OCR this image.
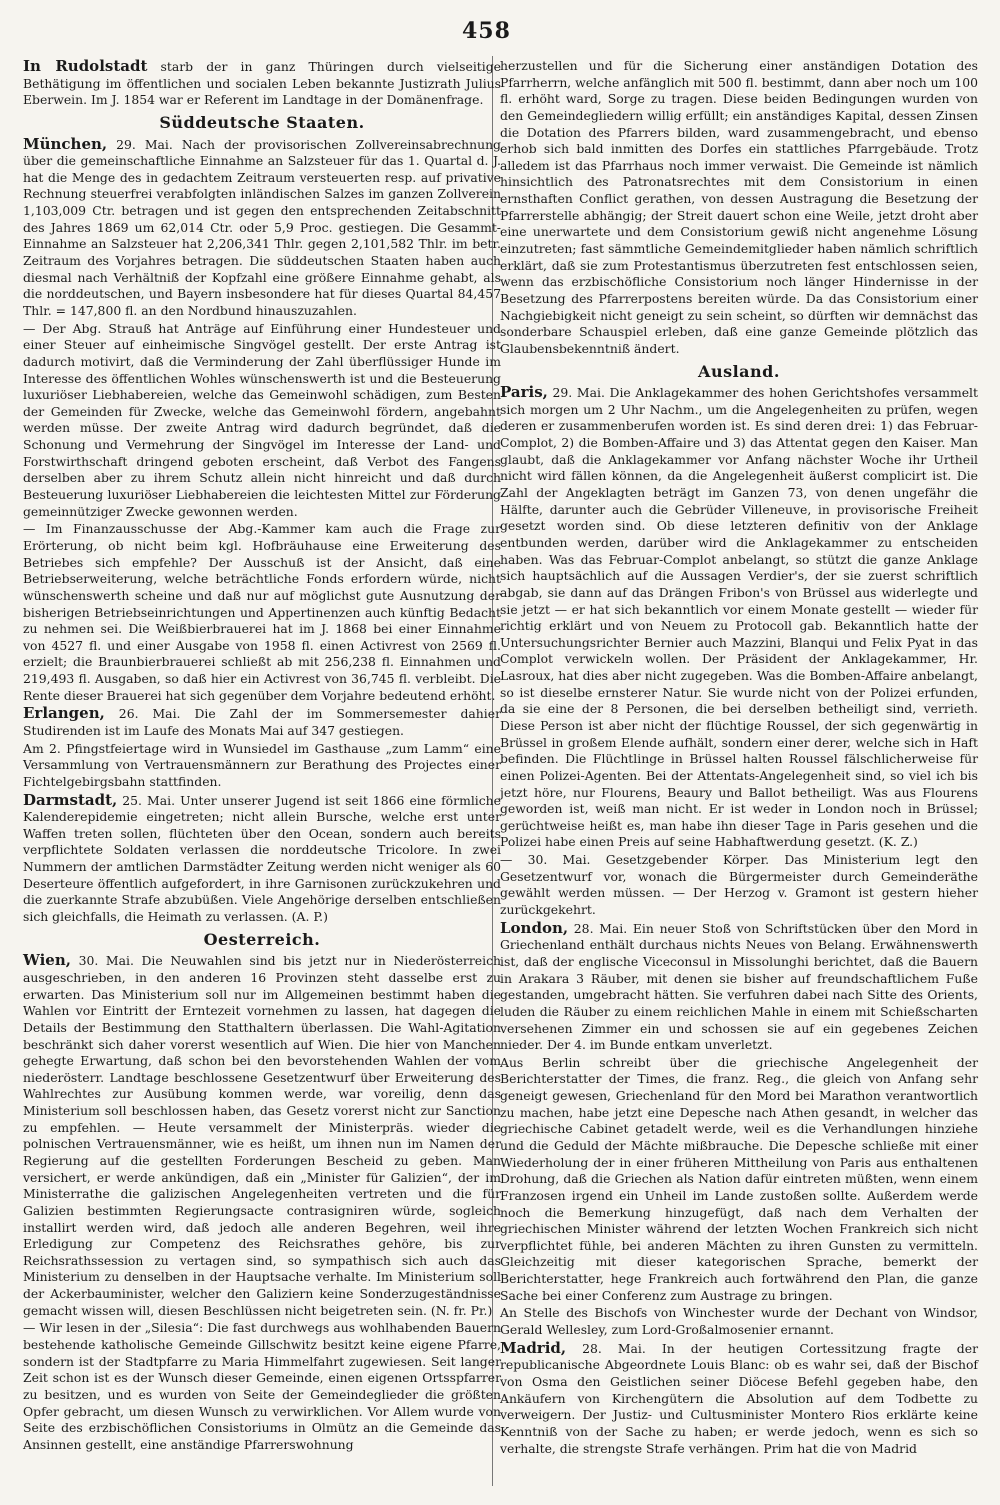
458

In Rudolstadt starb der in ganz Thüringen durch vielseitige Bethätigung im öffentlichen und socialen Leben bekannte Justizrath Julius Eberwein. Im J. 1854 war er Referent im Landtage in der Domänenfrage.

Süddeutsche Staaten.

München, 29. Mai. Nach der provisorischen Zollvereinsabrechnung über die gemeinschaftliche Einnahme an Salzsteuer für das 1. Quartal d. J. hat die Menge des in gedachtem Zeitraum versteuerten resp. auf privative Rechnung steuerfrei verabfolgten inländischen Salzes im ganzen Zollverein 1,103,009 Ctr. betragen und ist gegen den entsprechenden Zeitabschnitt des Jahres 1869 um 62,014 Ctr. oder 5,9 Proc. gestiegen. Die Gesammt-Einnahme an Salzsteuer hat 2,206,341 Thlr. gegen 2,101,582 Thlr. im betr. Zeitraum des Vorjahres betragen. Die süddeutschen Staaten haben auch diesmal nach Verhältniß der Kopfzahl eine größere Einnahme gehabt, als die norddeutschen, und Bayern insbesondere hat für dieses Quartal 84,457 Thlr. = 147,800 fl. an den Nordbund hinauszuzahlen.

— Der Abg. Strauß hat Anträge auf Einführung einer Hundesteuer und einer Steuer auf einheimische Singvögel gestellt. Der erste Antrag ist dadurch motivirt, daß die Verminderung der Zahl überflüssiger Hunde im Interesse des öffentlichen Wohles wünschenswerth ist und die Besteuerung luxuriöser Liebhabereien, welche das Gemeinwohl schädigen, zum Besten der Gemeinden für Zwecke, welche das Gemeinwohl fördern, angebahnt werden müsse. Der zweite Antrag wird dadurch begründet, daß die Schonung und Vermehrung der Singvögel im Interesse der Land- und Forstwirthschaft dringend geboten erscheint, daß Verbot des Fangens derselben aber zu ihrem Schutz allein nicht hinreicht und daß durch Besteuerung luxuriöser Liebhabereien die leichtesten Mittel zur Förderung gemeinnütziger Zwecke gewonnen werden.

— Im Finanzausschusse der Abg.-Kammer kam auch die Frage zur Erörterung, ob nicht beim kgl. Hofbräuhause eine Erweiterung des Betriebes sich empfehle? Der Ausschuß ist der Ansicht, daß eine Betriebserweiterung, welche beträchtliche Fonds erfordern würde, nicht wünschenswerth scheine und daß nur auf möglichst gute Ausnutzung der bisherigen Betriebseinrichtungen und Appertinenzen auch künftig Bedacht zu nehmen sei. Die Weißbierbrauerei hat im J. 1868 bei einer Einnahme von 4527 fl. und einer Ausgabe von 1958 fl. einen Activrest von 2569 fl. erzielt; die Braunbierbrauerei schließt ab mit 256,238 fl. Einnahmen und 219,493 fl. Ausgaben, so daß hier ein Activrest von 36,745 fl. verbleibt. Die Rente dieser Brauerei hat sich gegenüber dem Vorjahre bedeutend erhöht.

Erlangen, 26. Mai. Die Zahl der im Sommersemester dahier Studirenden ist im Laufe des Monats Mai auf 347 gestiegen.

Am 2. Pfingstfeiertage wird in Wunsiedel im Gasthause „zum Lamm“ eine Versammlung von Vertrauensmännern zur Berathung des Projectes einer Fichtelgebirgsbahn stattfinden.

Darmstadt, 25. Mai. Unter unserer Jugend ist seit 1866 eine förmliche Kalenderepidemie eingetreten; nicht allein Bursche, welche erst unter Waffen treten sollen, flüchteten über den Ocean, sondern auch bereits verpflichtete Soldaten verlassen die norddeutsche Tricolore. In zwei Nummern der amtlichen Darmstädter Zeitung werden nicht weniger als 60 Deserteure öffentlich aufgefordert, in ihre Garnisonen zurückzukehren und die zuerkannte Strafe abzubüßen. Viele Angehörige derselben entschließen sich gleichfalls, die Heimath zu verlassen. (A. P.)

Oesterreich.

Wien, 30. Mai. Die Neuwahlen sind bis jetzt nur in Niederösterreich ausgeschrieben, in den anderen 16 Provinzen steht dasselbe erst zu erwarten. Das Ministerium soll nur im Allgemeinen bestimmt haben die Wahlen vor Eintritt der Erntezeit vornehmen zu lassen, hat dagegen die Details der Bestimmung den Statthaltern überlassen. Die Wahl-Agitation beschränkt sich daher vorerst wesentlich auf Wien. Die hier von Manchen gehegte Erwartung, daß schon bei den bevorstehenden Wahlen der vom niederösterr. Landtage beschlossene Gesetzentwurf über Erweiterung des Wahlrechtes zur Ausübung kommen werde, war voreilig, denn das Ministerium soll beschlossen haben, das Gesetz vorerst nicht zur Sanction zu empfehlen. — Heute versammelt der Ministerpräs. wieder die polnischen Vertrauensmänner, wie es heißt, um ihnen nun im Namen der Regierung auf die gestellten Forderungen Bescheid zu geben. Man versichert, er werde ankündigen, daß ein „Minister für Galizien“, der im Ministerrathe die galizischen Angelegenheiten vertreten und die für Galizien bestimmten Regierungsacte contrasigniren würde, sogleich installirt werden wird, daß jedoch alle anderen Begehren, weil ihre Erledigung zur Competenz des Reichsrathes gehöre, bis zur Reichsrathssession zu vertagen sind, so sympathisch sich auch das Ministerium zu denselben in der Hauptsache verhalte. Im Ministerium soll der Ackerbauminister, welcher den Galiziern keine Sonderzugeständnisse gemacht wissen will, diesen Beschlüssen nicht beigetreten sein. (N. fr. Pr.)

— Wir lesen in der „Silesia“: Die fast durchwegs aus wohlhabenden Bauern bestehende katholische Gemeinde Gillschwitz besitzt keine eigene Pfarre, sondern ist der Stadtpfarre zu Maria Himmelfahrt zugewiesen. Seit langer Zeit schon ist es der Wunsch dieser Gemeinde, einen eigenen Ortsspfarrer zu besitzen, und es wurden von Seite der Gemeindeglieder die größten Opfer gebracht, um diesen Wunsch zu verwirklichen. Vor Allem wurde von Seite des erzbischöflichen Consistoriums in Olmütz an die Gemeinde das Ansinnen gestellt, eine anständige Pfarrerswohnung

herzustellen und für die Sicherung einer anständigen Dotation des Pfarrherrn, welche anfänglich mit 500 fl. bestimmt, dann aber noch um 100 fl. erhöht ward, Sorge zu tragen. Diese beiden Bedingungen wurden von den Gemeindegliedern willig erfüllt; ein anständiges Kapital, dessen Zinsen die Dotation des Pfarrers bilden, ward zusammengebracht, und ebenso erhob sich bald inmitten des Dorfes ein stattliches Pfarrgebäude. Trotz alledem ist das Pfarrhaus noch immer verwaist. Die Gemeinde ist nämlich hinsichtlich des Patronatsrechtes mit dem Consistorium in einen ernsthaften Conflict gerathen, von dessen Austragung die Besetzung der Pfarrerstelle abhängig; der Streit dauert schon eine Weile, jetzt droht aber eine unerwartete und dem Consistorium gewiß nicht angenehme Lösung einzutreten; fast sämmtliche Gemeindemitglieder haben nämlich schriftlich erklärt, daß sie zum Protestantismus überzutreten fest entschlossen seien, wenn das erzbischöfliche Consistorium noch länger Hindernisse in der Besetzung des Pfarrerpostens bereiten würde. Da das Consistorium einer Nachgiebigkeit nicht geneigt zu sein scheint, so dürften wir demnächst das sonderbare Schauspiel erleben, daß eine ganze Gemeinde plötzlich das Glaubensbekenntniß ändert.

Ausland.

Paris, 29. Mai. Die Anklagekammer des hohen Gerichtshofes versammelt sich morgen um 2 Uhr Nachm., um die Angelegenheiten zu prüfen, wegen deren er zusammenberufen worden ist. Es sind deren drei: 1) das Februar-Complot, 2) die Bomben-Affaire und 3) das Attentat gegen den Kaiser. Man glaubt, daß die Anklagekammer vor Anfang nächster Woche ihr Urtheil nicht wird fällen können, da die Angelegenheit äußerst complicirt ist. Die Zahl der Angeklagten beträgt im Ganzen 73, von denen ungefähr die Hälfte, darunter auch die Gebrüder Villeneuve, in provisorische Freiheit gesetzt worden sind. Ob diese letzteren definitiv von der Anklage entbunden werden, darüber wird die Anklagekammer zu entscheiden haben. Was das Februar-Complot anbelangt, so stützt die ganze Anklage sich hauptsächlich auf die Aussagen Verdier's, der sie zuerst schriftlich abgab, sie dann auf das Drängen Fribon's von Brüssel aus widerlegte und sie jetzt — er hat sich bekanntlich vor einem Monate gestellt — wieder für richtig erklärt und von Neuem zu Protocoll gab. Bekanntlich hatte der Untersuchungsrichter Bernier auch Mazzini, Blanqui und Felix Pyat in das Complot verwickeln wollen. Der Präsident der Anklagekammer, Hr. Lasroux, hat dies aber nicht zugegeben. Was die Bomben-Affaire anbelangt, so ist dieselbe ernsterer Natur. Sie wurde nicht von der Polizei erfunden, da sie eine der 8 Personen, die bei derselben betheiligt sind, verrieth. Diese Person ist aber nicht der flüchtige Roussel, der sich gegenwärtig in Brüssel in großem Elende aufhält, sondern einer derer, welche sich in Haft befinden. Die Flüchtlinge in Brüssel halten Roussel fälschlicherweise für einen Polizei-Agenten. Bei der Attentats-Angelegenheit sind, so viel ich bis jetzt höre, nur Flourens, Beaury und Ballot betheiligt. Was aus Flourens geworden ist, weiß man nicht. Er ist weder in London noch in Brüssel; gerüchtweise heißt es, man habe ihn dieser Tage in Paris gesehen und die Polizei habe einen Preis auf seine Habhaftwerdung gesetzt. (K. Z.)

— 30. Mai. Gesetzgebender Körper. Das Ministerium legt den Gesetzentwurf vor, wonach die Bürgermeister durch Gemeinderäthe gewählt werden müssen. — Der Herzog v. Gramont ist gestern hieher zurückgekehrt.

London, 28. Mai. Ein neuer Stoß von Schriftstücken über den Mord in Griechenland enthält durchaus nichts Neues von Belang. Erwähnenswerth ist, daß der englische Viceconsul in Missolunghi berichtet, daß die Bauern in Arakara 3 Räuber, mit denen sie bisher auf freundschaftlichem Fuße gestanden, umgebracht hätten. Sie verfuhren dabei nach Sitte des Orients, luden die Räuber zu einem reichlichen Mahle in einem mit Schießscharten versehenen Zimmer ein und schossen sie auf ein gegebenes Zeichen nieder. Der 4. im Bunde entkam unverletzt.

Aus Berlin schreibt über die griechische Angelegenheit der Berichterstatter der Times, die franz. Reg., die gleich von Anfang sehr geneigt gewesen, Griechenland für den Mord bei Marathon verantwortlich zu machen, habe jetzt eine Depesche nach Athen gesandt, in welcher das griechische Cabinet getadelt werde, weil es die Verhandlungen hinziehe und die Geduld der Mächte mißbrauche. Die Depesche schließe mit einer Wiederholung der in einer früheren Mittheilung von Paris aus enthaltenen Drohung, daß die Griechen als Nation dafür eintreten müßten, wenn einem Franzosen irgend ein Unheil im Lande zustoßen sollte. Außerdem werde noch die Bemerkung hinzugefügt, daß nach dem Verhalten der griechischen Minister während der letzten Wochen Frankreich sich nicht verpflichtet fühle, bei anderen Mächten zu ihren Gunsten zu vermitteln. Gleichzeitig mit dieser kategorischen Sprache, bemerkt der Berichterstatter, hege Frankreich auch fortwährend den Plan, die ganze Sache bei einer Conferenz zum Austrage zu bringen.

An Stelle des Bischofs von Winchester wurde der Dechant von Windsor, Gerald Wellesley, zum Lord-Großalmosenier ernannt.

Madrid, 28. Mai. In der heutigen Cortessitzung fragte der republicanische Abgeordnete Louis Blanc: ob es wahr sei, daß der Bischof von Osma den Geistlichen seiner Diöcese Befehl gegeben habe, den Ankäufern von Kirchengütern die Absolution auf dem Todbette zu verweigern. Der Justiz- und Cultusminister Montero Rios erklärte keine Kenntniß von der Sache zu haben; er werde jedoch, wenn es sich so verhalte, die strengste Strafe verhängen. Prim hat die von Madrid
